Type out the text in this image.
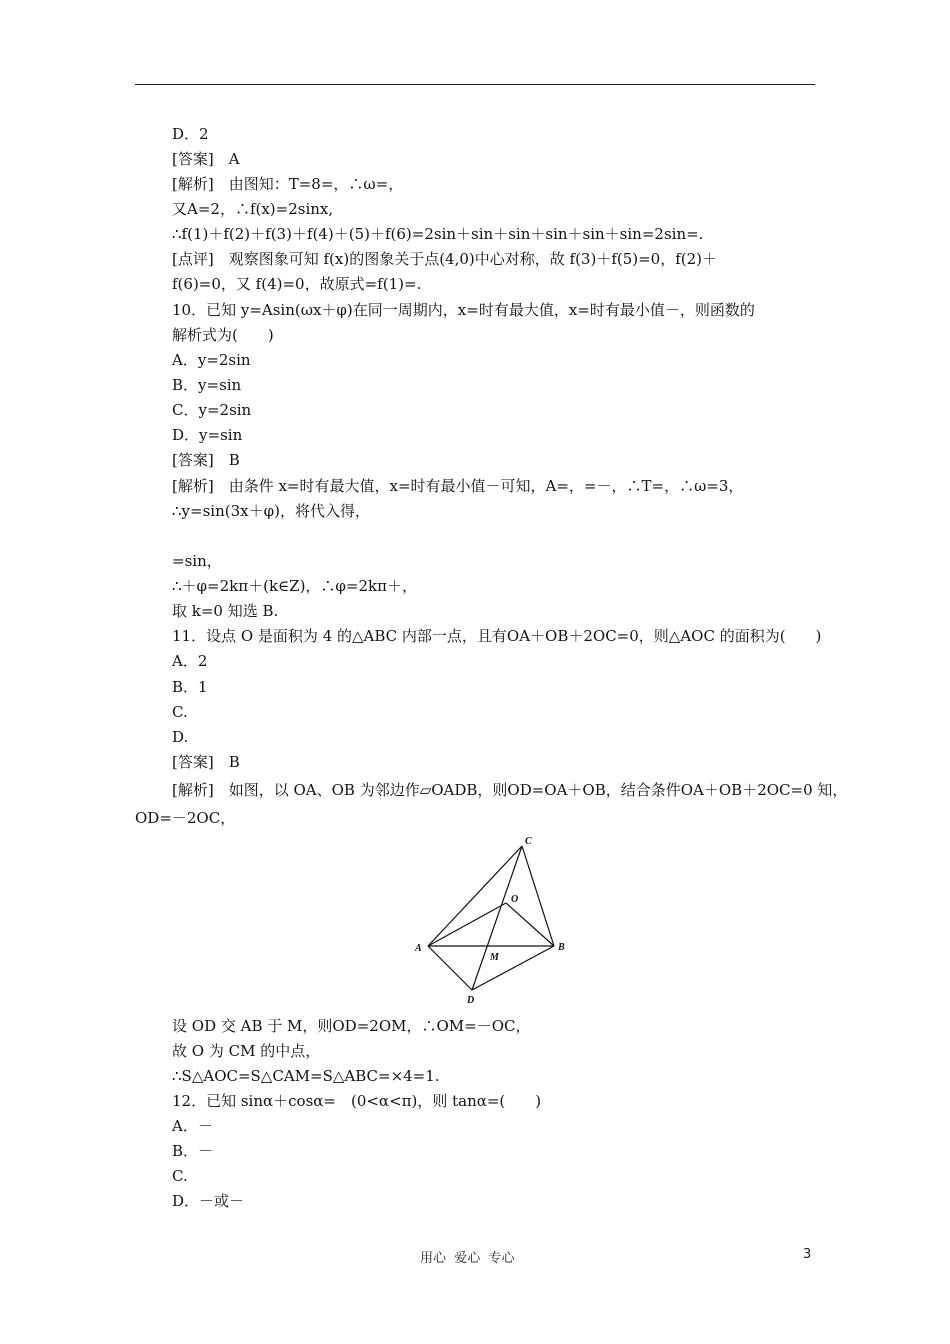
D．2
[答案]　A
[解析]　由图知：T=8=，∴ω=，
又A=2，∴f(x)=2sinx,
∴f(1)＋f(2)＋f(3)＋f(4)＋(5)＋f(6)=2sin＋sin＋sin＋sin＋sin＋sin=2sin=.
[点评]　观察图象可知 f(x)的图象关于点(4,0)中心对称，故 f(3)＋f(5)=0，f(2)＋
f(6)=0，又 f(4)=0，故原式=f(1)=.
10．已知 y=Asin(ωx＋φ)在同一周期内，x=时有最大值，x=时有最小值－，则函数的
解析式为(　　)
A．y=2sin
B．y=sin
C．y=2sin
D．y=sin
[答案]　B
[解析]　由条件 x=时有最大值，x=时有最小值－可知，A=，=－，∴T=，∴ω=3，
∴y=sin(3x＋φ)，将代入得，
=sin，
∴＋φ=2kπ＋(k∈Z)，∴φ=2kπ＋，
取 k=0 知选 B.
11．设点 O 是面积为 4 的△ABC 内部一点，且有OA＋OB＋2OC=0，则△AOC 的面积为(　　)
A．2
B．1
C.
D.
[答案]　B
[解析]　如图，以 OA、OB 为邻边作▱OADB，则OD=OA＋OB，结合条件OA＋OB＋2OC=0 知，
OD=－2OC，
C
O
A	B
M
D
设 OD 交 AB 于 M，则OD=2OM，∴OM=－OC，
故 O 为 CM 的中点，
∴S△AOC=S△CAM=S△ABC=×4=1.
12．已知 sinα＋cosα=　(0<α<π)，则 tanα=(　　)
A．－
B．－
C.
D．－或－
用心  爱心  专心	3
